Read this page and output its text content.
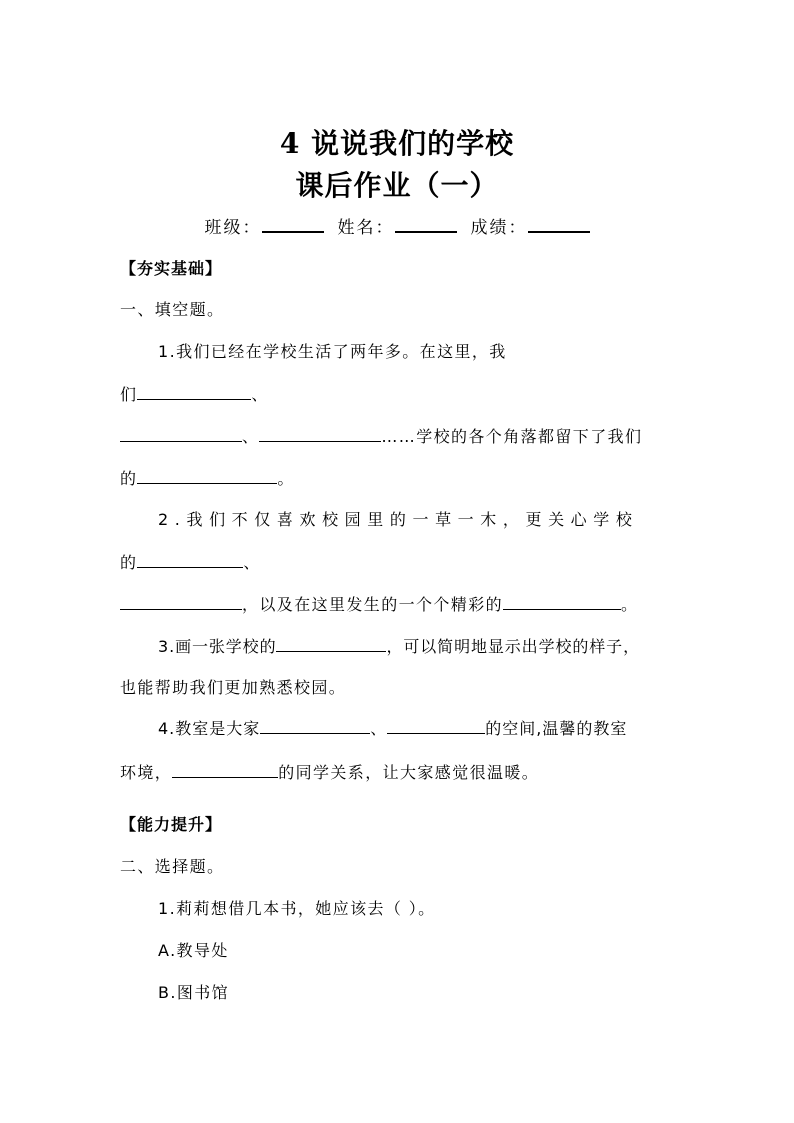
4 说说我们的学校
课后作业（一）
班级：	姓名：	成绩：
【夯实基础】
一、填空题。
1.我们已经在学校生活了两年多。在这里，我
们	、
、	……学校的各个角落都留下了我们
的	。
2.我们不仅喜欢校园里的一草一木，更关心学校
的	、
，以及在这里发生的一个个精彩的	。
3.画一张学校的	，可以简明地显示出学校的样子，
也能帮助我们更加熟悉校园。
4.教室是大家	、	的空间,温馨的教室
环境，	的同学关系，让大家感觉很温暖。
【能力提升】
二、选择题。
1.莉莉想借几本书，她应该去（ ）。
A.教导处
B.图书馆
